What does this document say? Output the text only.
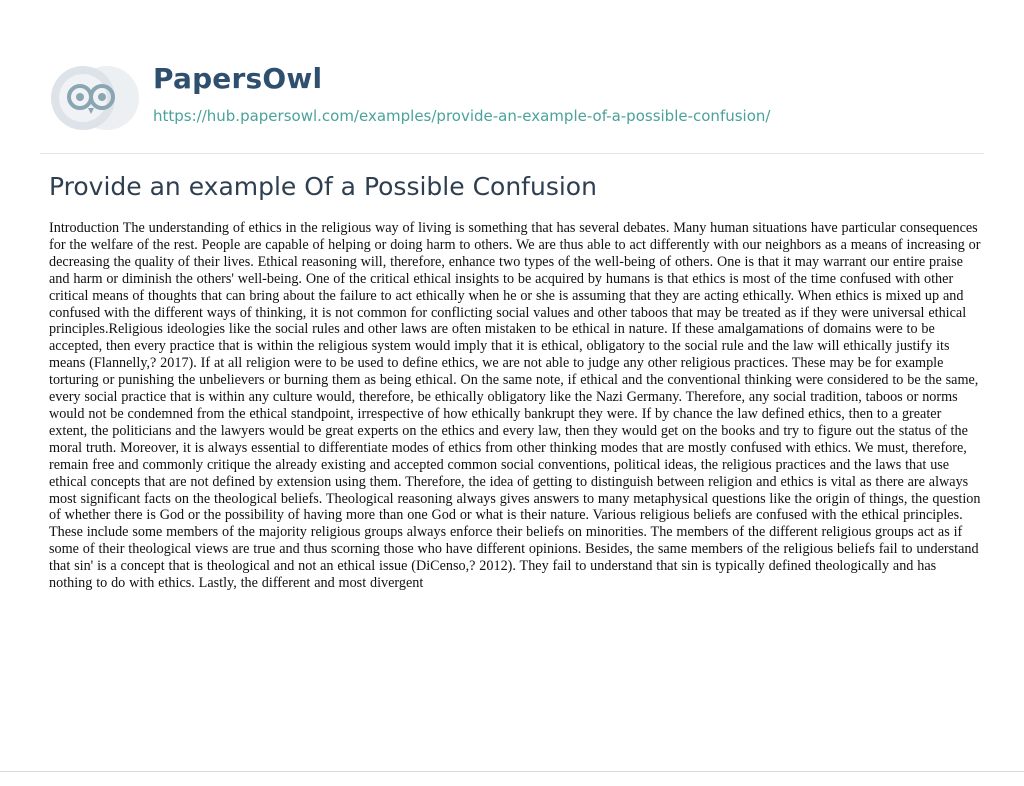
PapersOwl
https://hub.papersowl.com/examples/provide-an-example-of-a-possible-confusion/
Provide an example Of a Possible Confusion

Introduction The understanding of ethics in the religious way of living is something that has several debates. Many human situations have particular consequences for the welfare of the rest. People are capable of helping or doing harm to others. We are thus able to act differently with our neighbors as a means of increasing or decreasing the quality of their lives. Ethical reasoning will, therefore, enhance two types of the well-being of others. One is that it may warrant our entire praise and harm or diminish the others' well-being. One of the critical ethical insights to be acquired by humans is that ethics is most of the time confused with other critical means of thoughts that can bring about the failure to act ethically when he or she is assuming that they are acting ethically. When ethics is mixed up and confused with the different ways of thinking, it is not common for conflicting social values and other taboos that may be treated as if they were universal ethical principles.Religious ideologies like the social rules and other laws are often mistaken to be ethical in nature. If these amalgamations of domains were to be accepted, then every practice that is within the religious system would imply that it is ethical, obligatory to the social rule and the law will ethically justify its means (Flannelly,? 2017). If at all religion were to be used to define ethics, we are not able to judge any other religious practices. These may be for example torturing or punishing the unbelievers or burning them as being ethical. On the same note, if ethical and the conventional thinking were considered to be the same, every social practice that is within any culture would, therefore, be ethically obligatory like the Nazi Germany. Therefore, any social tradition, taboos or norms would not be condemned from the ethical standpoint, irrespective of how ethically bankrupt they were. If by chance the law defined ethics, then to a greater extent, the politicians and the lawyers would be great experts on the ethics and every law, then they would get on the books and try to figure out the status of the moral truth. Moreover, it is always essential to differentiate modes of ethics from other thinking modes that are mostly confused with ethics. We must, therefore, remain free and commonly critique the already existing and accepted common social conventions, political ideas, the religious practices and the laws that use ethical concepts that are not defined by extension using them. Therefore, the idea of getting to distinguish between religion and ethics is vital as there are always most significant facts on the theological beliefs. Theological reasoning always gives answers to many metaphysical questions like the origin of things, the question of whether there is God or the possibility of having more than one God or what is their nature. Various religious beliefs are confused with the ethical principles. These include some members of the majority religious groups always enforce their beliefs on minorities. The members of the different religious groups act as if some of their theological views are true and thus scorning those who have different opinions. Besides, the same members of the religious beliefs fail to understand that sin' is a concept that is theological and not an ethical issue (DiCenso,? 2012). They fail to understand that sin is typically defined theologically and has nothing to do with ethics. Lastly, the different and most divergent
